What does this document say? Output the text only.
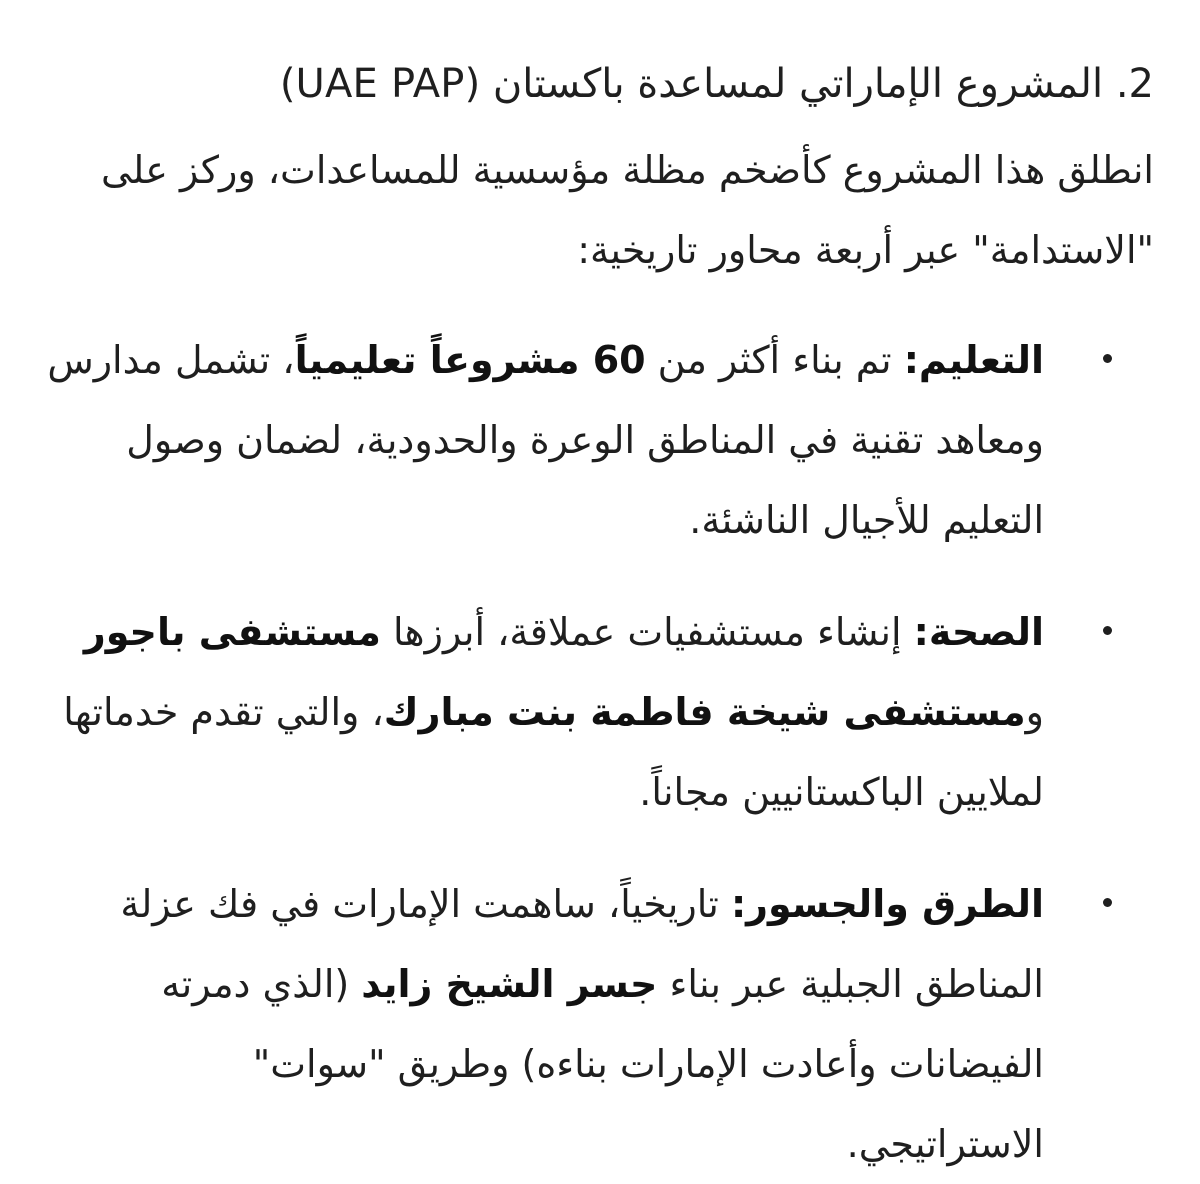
2. المشروع الإماراتي لمساعدة باكستان (UAE PAP)

انطلق هذا المشروع كأضخم مظلة مؤسسية للمساعدات، وركز على "الاستدامة" عبر أربعة محاور تاريخية:

التعليم: تم بناء أكثر من 60 مشروعاً تعليمياً، تشمل مدارس ومعاهد تقنية في المناطق الوعرة والحدودية، لضمان وصول التعليم للأجيال الناشئة.
الصحة: إنشاء مستشفيات عملاقة، أبرزها مستشفى باجور ومستشفى شيخة فاطمة بنت مبارك، والتي تقدم خدماتها لملايين الباكستانيين مجاناً.
الطرق والجسور: تاريخياً، ساهمت الإمارات في فك عزلة المناطق الجبلية عبر بناء جسر الشيخ زايد (الذي دمرته الفيضانات وأعادت الإمارات بناءه) وطريق "سوات" الاستراتيجي.
